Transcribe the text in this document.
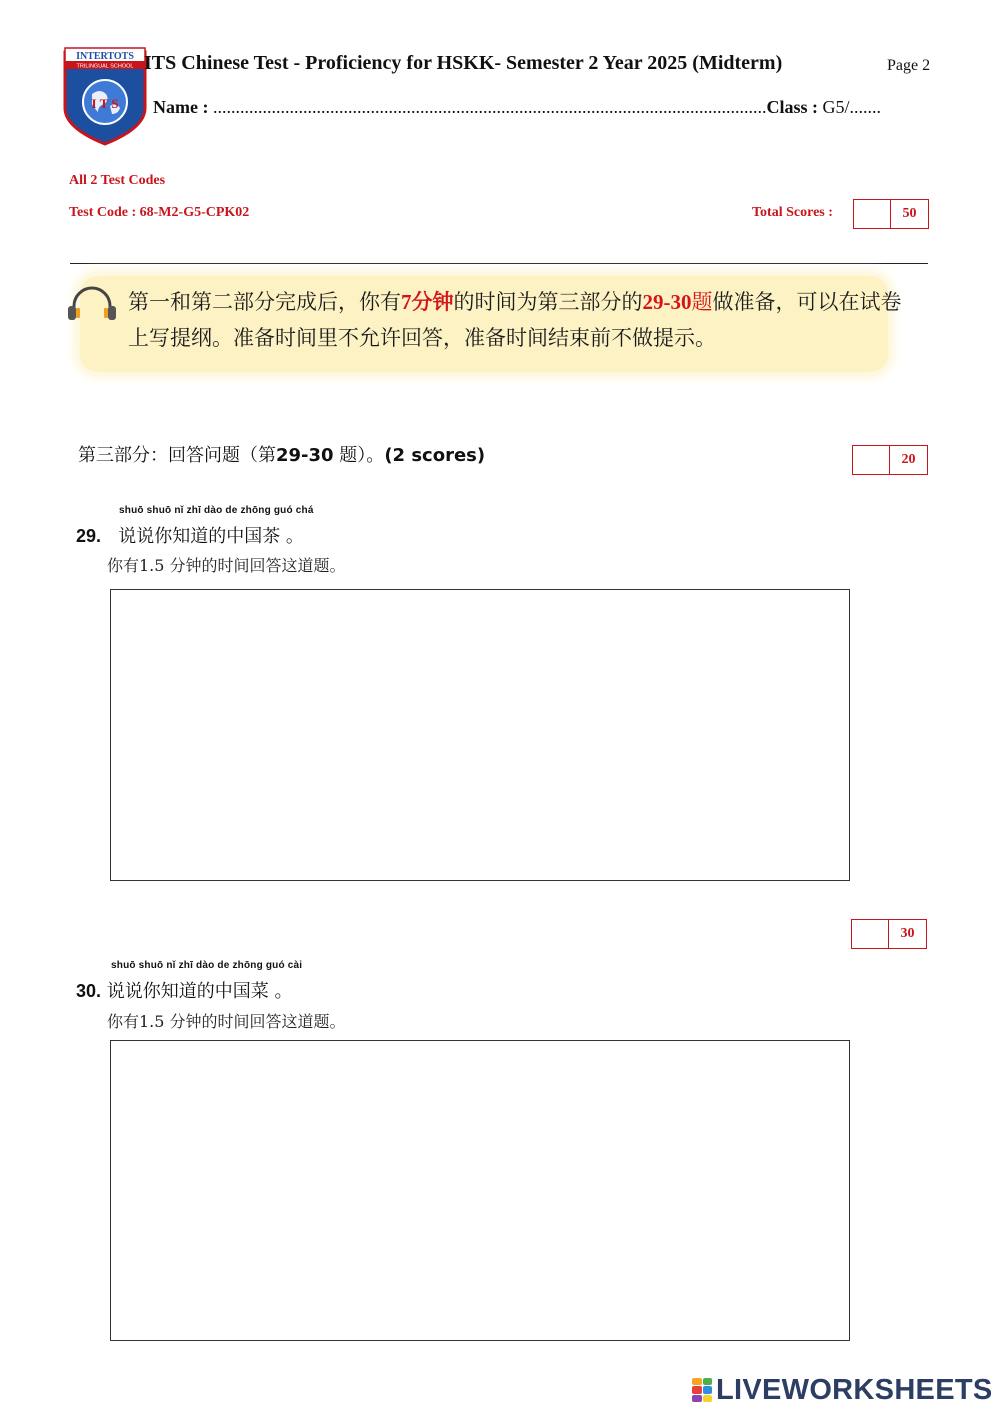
INTERTOTS
TRILINGUAL SCHOOL
I T S
ITS Chinese Test - Proficiency for HSKK- Semester 2 Year 2025 (Midterm)	Page 2
Name : ...........................................................................................................................Class : G5/.......
All 2 Test Codes
Test Code : 68-M2-G5-CPK02	Total Scores :	50
第一和第二部分完成后，你有7分钟的时间为第三部分的29-30题做准备，可以在试卷上写提纲。准备时间里不允许回答，准备时间结束前不做提示。
第三部分：回答问题（第29-30 题）。(2 scores)	20
shuō shuō nǐ zhī dào de zhōng guó chá
29. 说说你知道的中国茶 。
你有1.5 分钟的时间回答这道题。
30
shuō shuō nǐ zhī dào de zhōng guó cài
30. 说说你知道的中国菜 。
你有1.5 分钟的时间回答这道题。
LIVEWORKSHEETS
